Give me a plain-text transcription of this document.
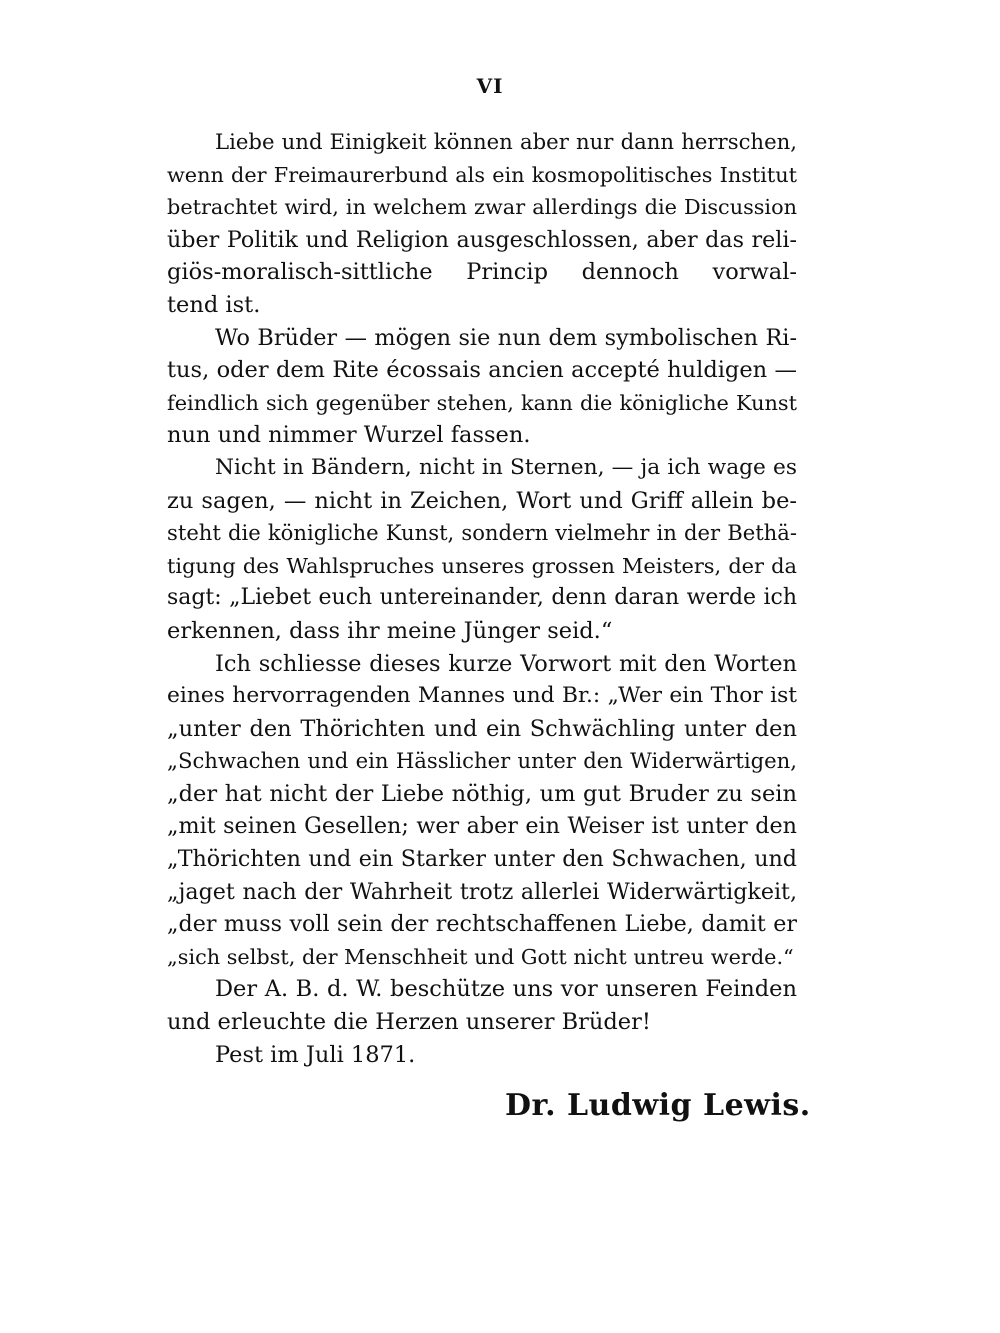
VI
Liebe und Einigkeit können aber nur dann herrschen,
wenn der Freimaurerbund als ein kosmopolitisches Institut
betrachtet wird, in welchem zwar allerdings die Discussion
über Politik und Religion ausgeschlossen, aber das reli-
giös-moralisch-sittliche Princip dennoch vorwal-
tend ist.
Wo Brüder — mögen sie nun dem symbolischen Ri-
tus, oder dem Rite écossais ancien accepté huldigen —
feindlich sich gegenüber stehen, kann die königliche Kunst
nun und nimmer Wurzel fassen.
Nicht in Bändern, nicht in Sternen, — ja ich wage es
zu sagen, — nicht in Zeichen, Wort und Griff allein be-
steht die königliche Kunst, sondern vielmehr in der Bethä-
tigung des Wahlspruches unseres grossen Meisters, der da
sagt: „Liebet euch untereinander, denn daran werde ich
erkennen, dass ihr meine Jünger seid.“
Ich schliesse dieses kurze Vorwort mit den Worten
eines hervorragenden Mannes und Br.: „Wer ein Thor ist
„unter den Thörichten und ein Schwächling unter den
„Schwachen und ein Hässlicher unter den Widerwärtigen,
„der hat nicht der Liebe nöthig, um gut Bruder zu sein
„mit seinen Gesellen; wer aber ein Weiser ist unter den
„Thörichten und ein Starker unter den Schwachen, und
„jaget nach der Wahrheit trotz allerlei Widerwärtigkeit,
„der muss voll sein der rechtschaffenen Liebe, damit er
„sich selbst, der Menschheit und Gott nicht untreu werde.“
Der A. B. d. W. beschütze uns vor unseren Feinden
und erleuchte die Herzen unserer Brüder!
Pest im Juli 1871.
Dr. Ludwig Lewis.
